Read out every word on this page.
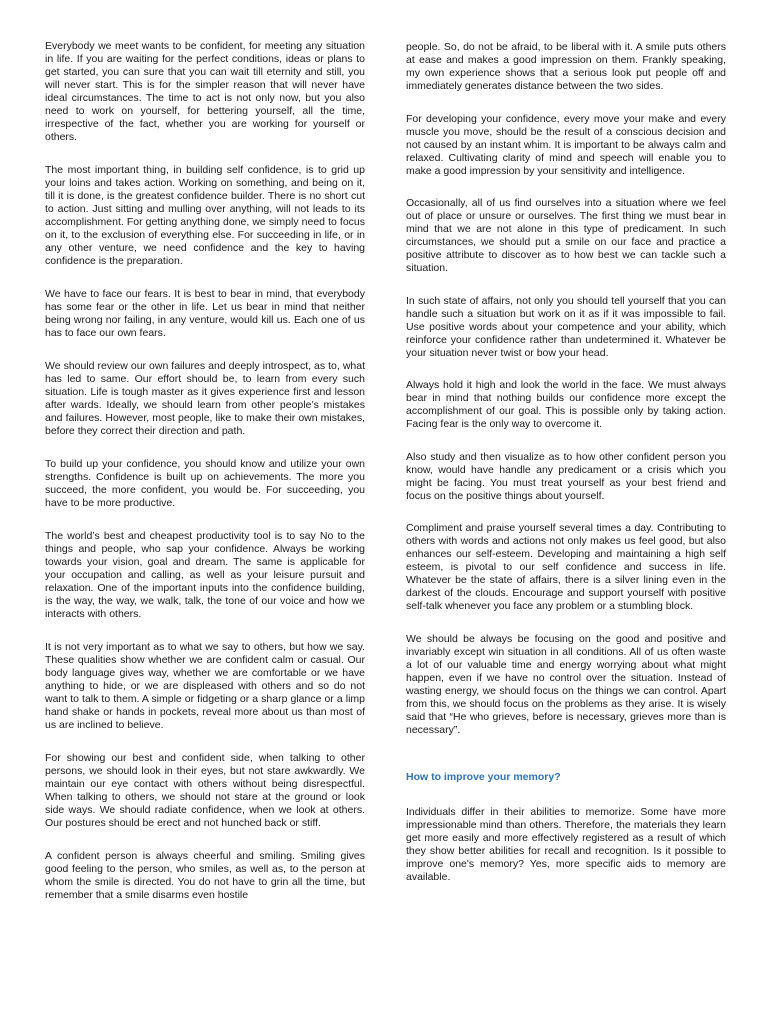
Everybody we meet wants to be confident, for meeting any situation in life. If you are waiting for the perfect conditions, ideas or plans to get started, you can sure that you can wait till eternity and still, you will never start. This is for the simpler reason that will never have ideal circumstances. The time to act is not only now, but you also need to work on yourself, for bettering yourself, all the time, irrespective of the fact, whether you are working for yourself or others.

The most important thing, in building self confidence, is to grid up your loins and takes action. Working on something, and being on it, till it is done, is the greatest confidence builder. There is no short cut to action. Just sitting and mulling over anything, will not leads to its accomplishment. For getting anything done, we simply need to focus on it, to the exclusion of everything else. For succeeding in life, or in any other venture, we need confidence and the key to having confidence is the preparation.

We have to face our fears. It is best to bear in mind, that everybody has some fear or the other in life. Let us bear in mind that neither being wrong nor failing, in any venture, would kill us. Each one of us has to face our own fears.

We should review our own failures and deeply introspect, as to, what has led to same. Our effort should be, to learn from every such situation. Life is tough master as it gives experience first and lesson after wards. Ideally, we should learn from other people’s mistakes and failures. However, most people, like to make their own mistakes, before they correct their direction and path.

To build up your confidence, you should know and utilize your own strengths. Confidence is built up on achievements. The more you succeed, the more confident, you would be. For succeeding, you have to be more productive.

The world’s best and cheapest productivity tool is to say No to the things and people, who sap your confidence. Always be working towards your vision, goal and dream. The same is applicable for your occupation and calling, as well as your leisure pursuit and relaxation. One of the important inputs into the confidence building, is the way, the way, we walk, talk, the tone of our voice and how we interacts with others.

It is not very important as to what we say to others, but how we say. These qualities show whether we are confident calm or casual. Our body language gives way, whether we are comfortable or we have anything to hide, or we are displeased with others and so do not want to talk to them. A simple or fidgeting or a sharp glance or a limp hand shake or hands in pockets, reveal more about us than most of us are inclined to believe.

For showing our best and confident side, when talking to other persons, we should look in their eyes, but not stare awkwardly. We maintain our eye contact with others without being disrespectful. When talking to others, we should not stare at the ground or look side ways. We should radiate confidence, when we look at others. Our postures should be erect and not hunched back or stiff.

A confident person is always cheerful and smiling. Smiling gives good feeling to the person, who smiles, as well as, to the person at whom the smile is directed. You do not have to grin all the time, but remember that a smile disarms even hostile

people. So, do not be afraid, to be liberal with it. A smile puts others at ease and makes a good impression on them. Frankly speaking, my own experience shows that a serious look put people off and immediately generates distance between the two sides.

For developing your confidence, every move your make and every muscle you move, should be the result of a conscious decision and not caused by an instant whim. It is important to be always calm and relaxed. Cultivating clarity of mind and speech will enable you to make a good impression by your sensitivity and intelligence.

Occasionally, all of us find ourselves into a situation where we feel out of place or unsure or ourselves. The first thing we must bear in mind that we are not alone in this type of predicament. In such circumstances, we should put a smile on our face and practice a positive attribute to discover as to how best we can tackle such a situation.

In such state of affairs, not only you should tell yourself that you can handle such a situation but work on it as if it was impossible to fail. Use positive words about your competence and your ability, which reinforce your confidence rather than undetermined it. Whatever be your situation never twist or bow your head.

Always hold it high and look the world in the face. We must always bear in mind that nothing builds our confidence more except the accomplishment of our goal. This is possible only by taking action. Facing fear is the only way to overcome it.

Also study and then visualize as to how other confident person you know, would have handle any predicament or a crisis which you might be facing. You must treat yourself as your best friend and focus on the positive things about yourself.

Compliment and praise yourself several times a day. Contributing to others with words and actions not only makes us feel good, but also enhances our self-esteem. Developing and maintaining a high self esteem, is pivotal to our self confidence and success in life. Whatever be the state of affairs, there is a silver lining even in the darkest of the clouds. Encourage and support yourself with positive self-talk whenever you face any problem or a stumbling block.

We should be always be focusing on the good and positive and invariably except win situation in all conditions. All of us often waste a lot of our valuable time and energy worrying about what might happen, even if we have no control over the situation. Instead of wasting energy, we should focus on the things we can control. Apart from this, we should focus on the problems as they arise. It is wisely said that “He who grieves, before is necessary, grieves more than is necessary”.

How to improve your memory?

Individuals differ in their abilities to memorize. Some have more impressionable mind than others. Therefore, the materials they learn get more easily and more effectively registered as a result of which they show better abilities for recall and recognition. Is it possible to improve one's memory? Yes, more specific aids to memory are available.
